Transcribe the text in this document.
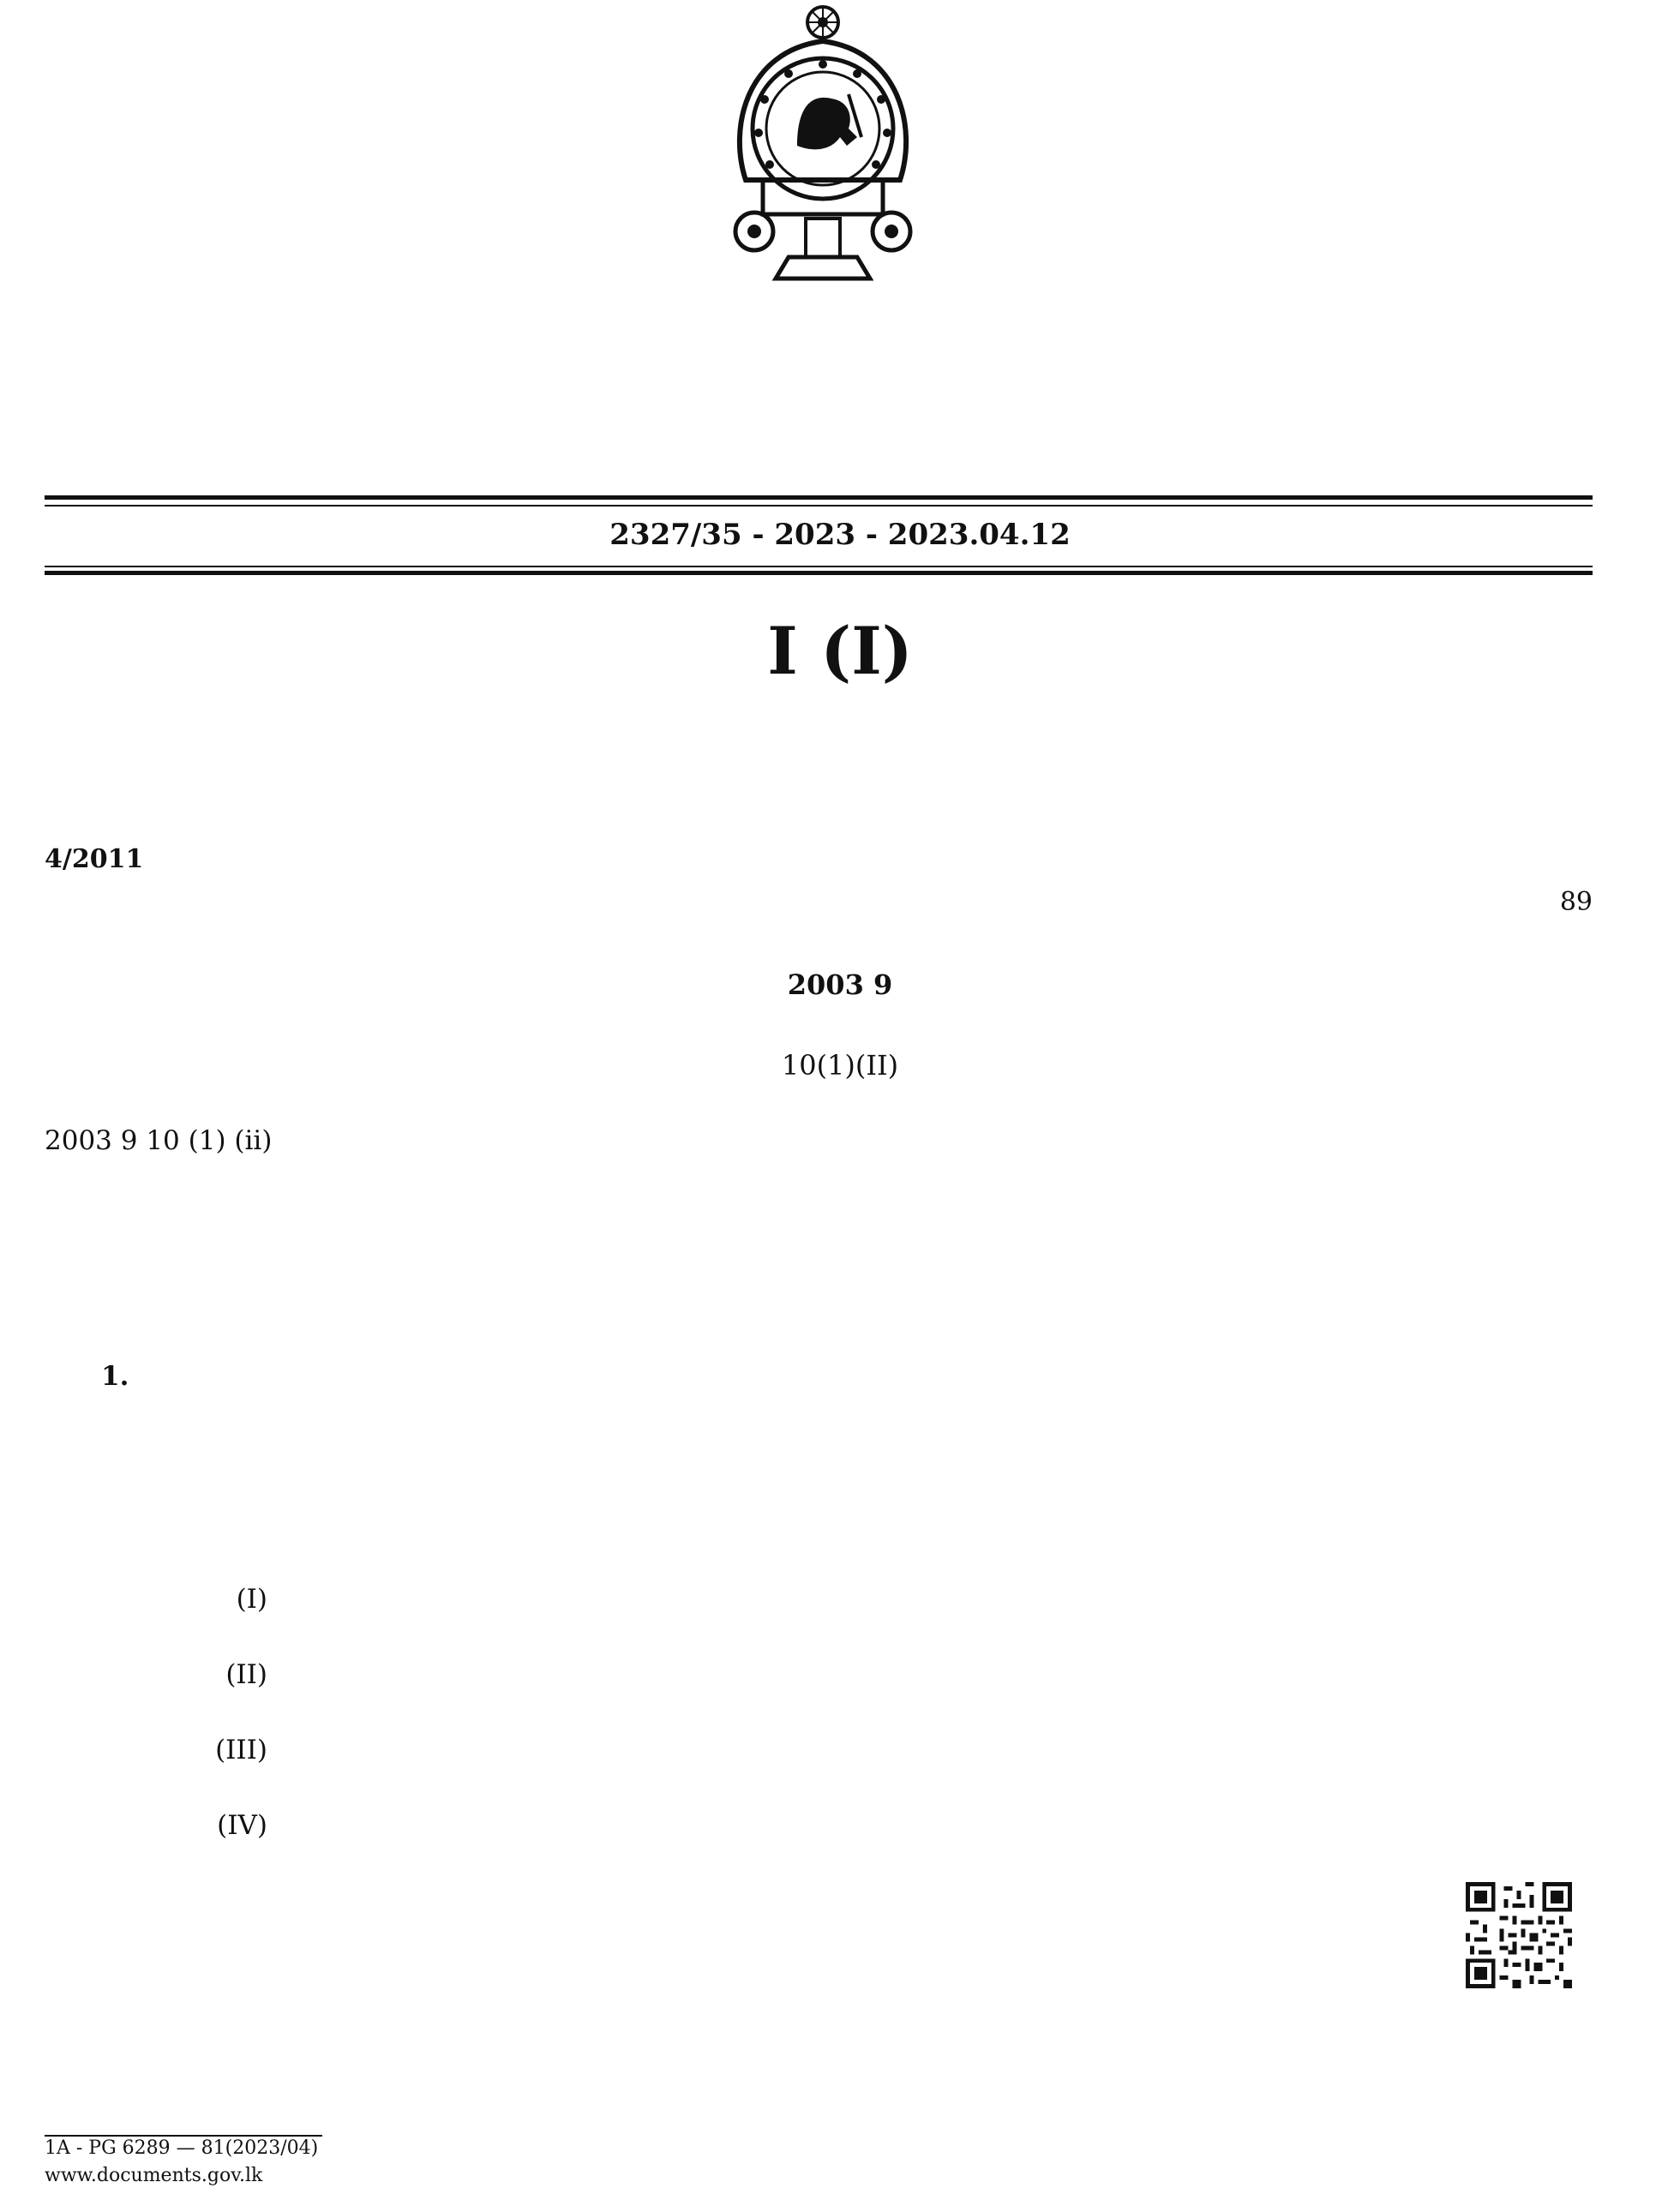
2327/35 - 2023 - 2023.04.12
I (I)
4/2011
89
2003 9
10(1)(II)
2003 9 10 (1) (ii)
1.
(I)
(II)
(III)
(IV)
1A - PG 6289 — 81(2023/04)
www.documents.gov.lk
